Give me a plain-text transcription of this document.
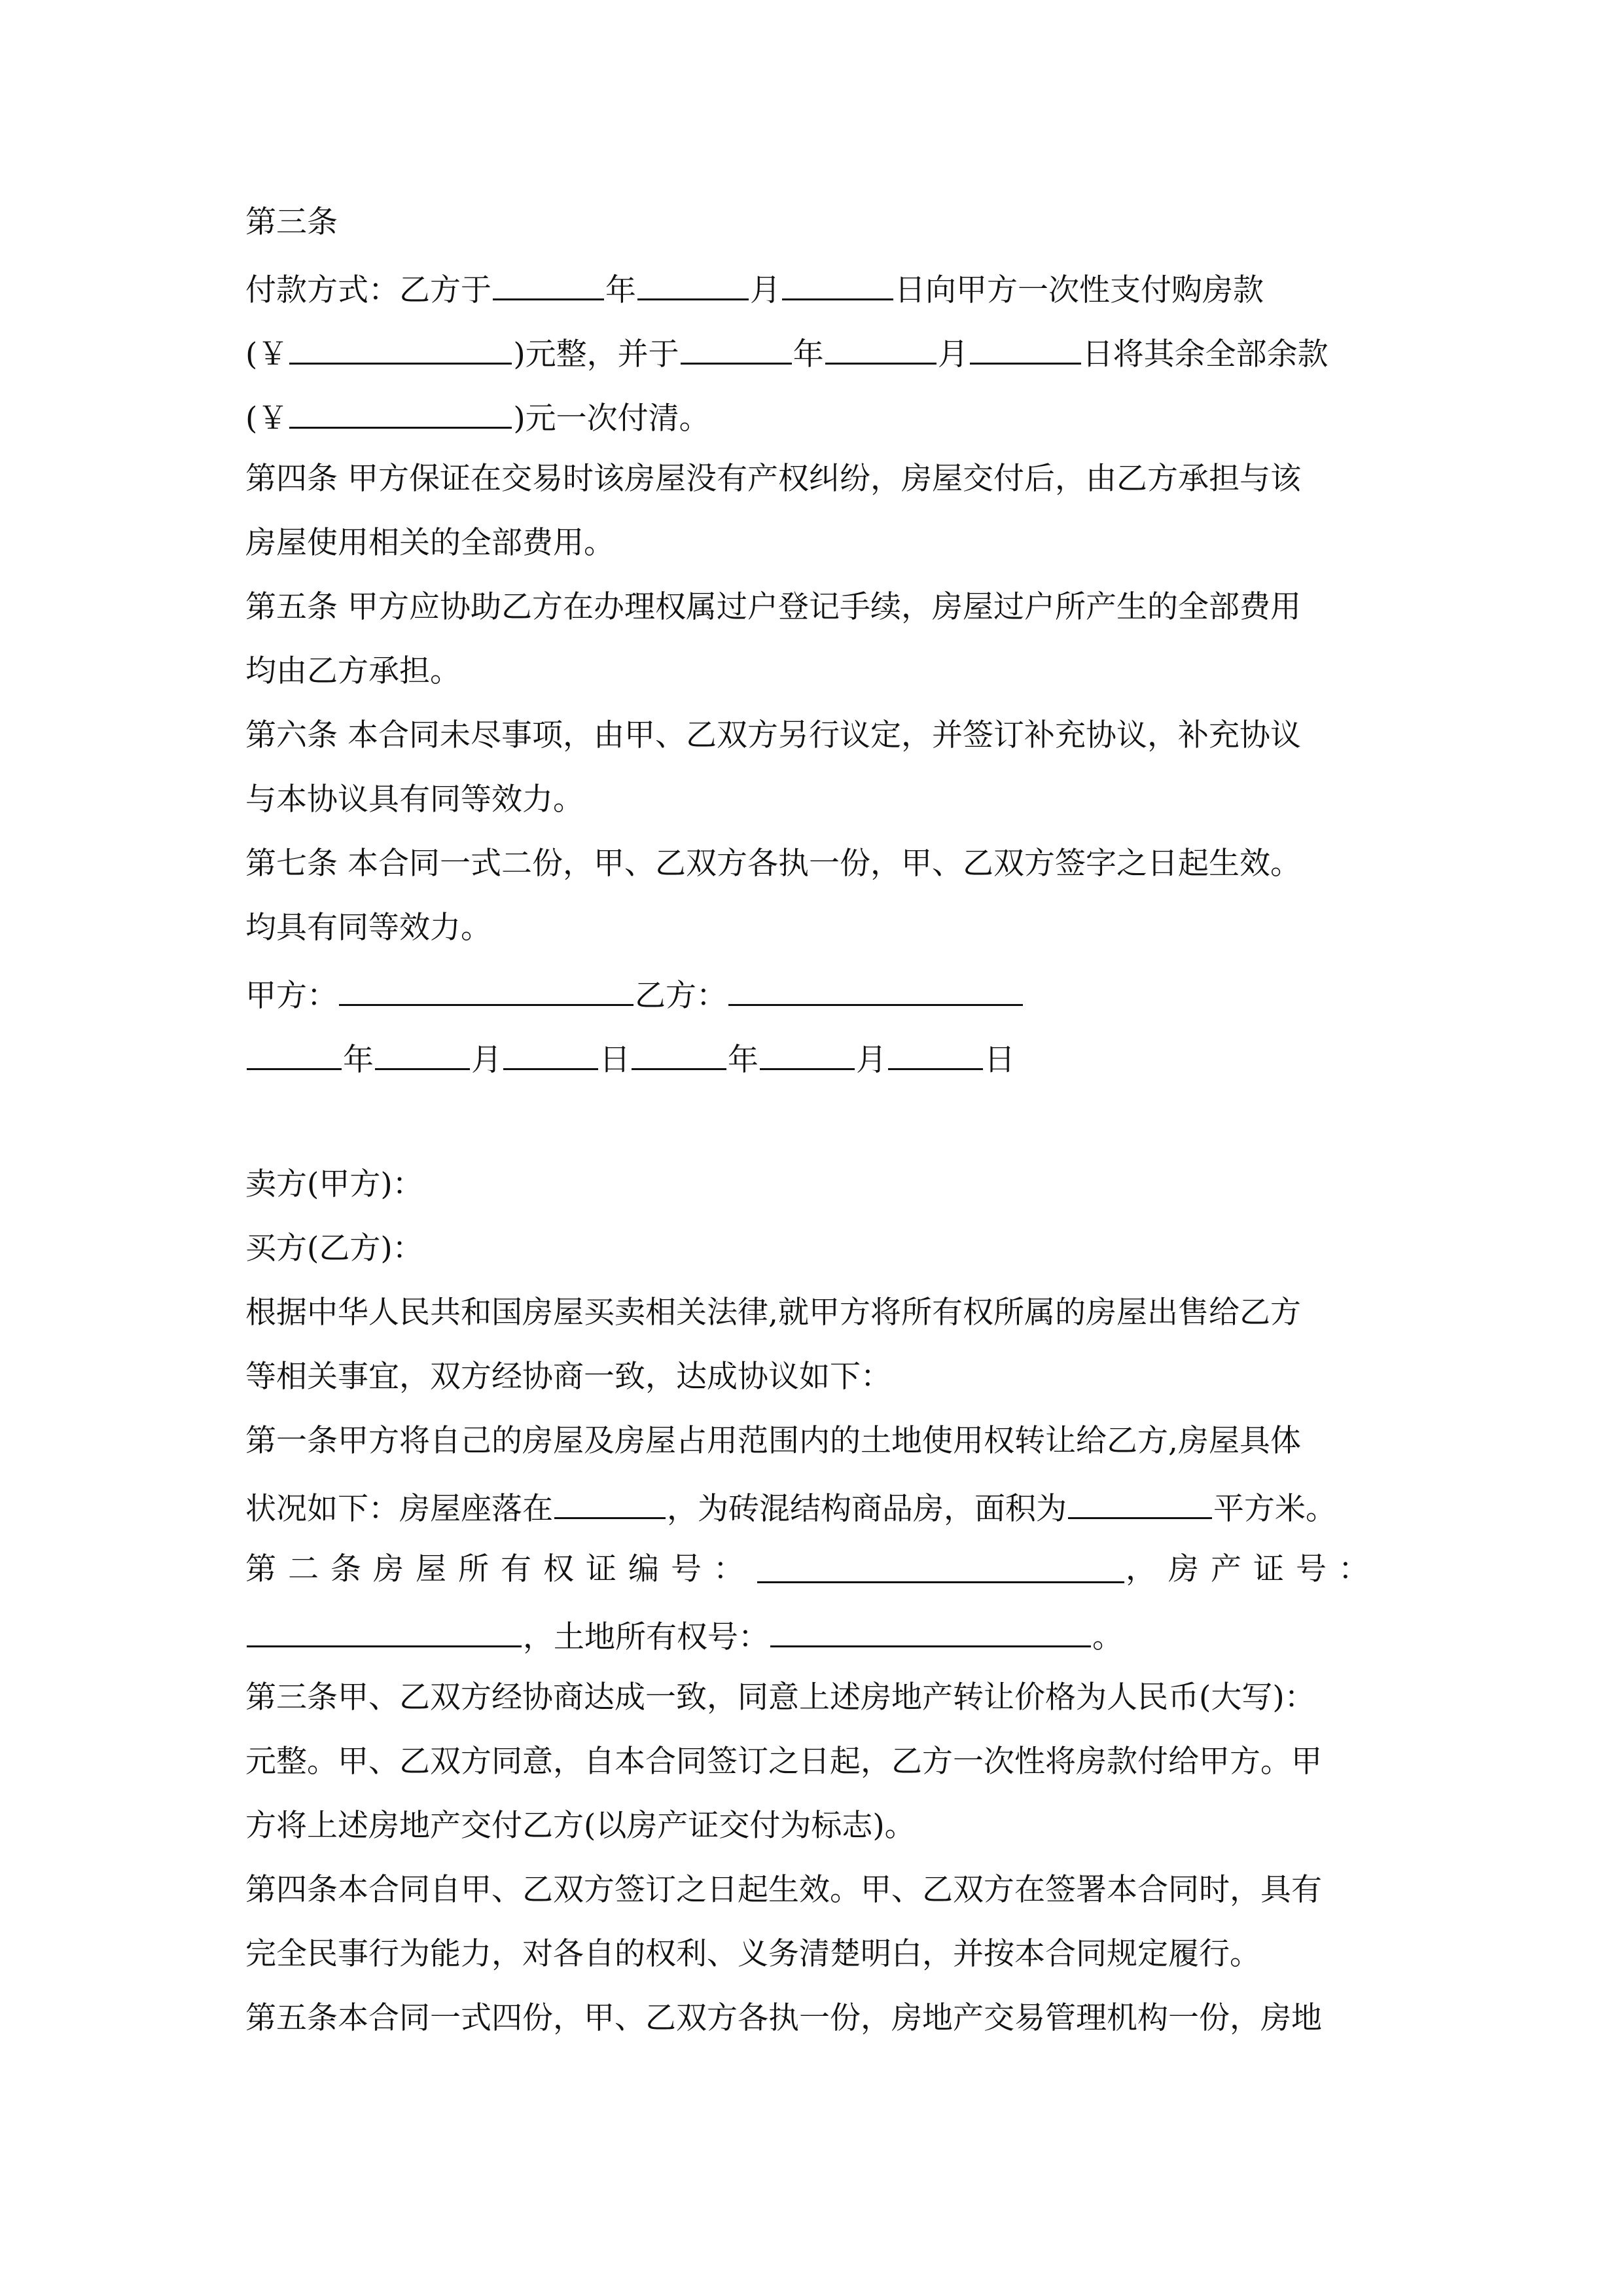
第三条
付款方式：乙方于	年	月	日向甲方一次性支付购房款
(￥	)元整，并于	年	月	日将其余全部余款
(￥	)元一次付清。
第四条 甲方保证在交易时该房屋没有产权纠纷，房屋交付后，由乙方承担与该
房屋使用相关的全部费用。
第五条 甲方应协助乙方在办理权属过户登记手续，房屋过户所产生的全部费用
均由乙方承担。
第六条 本合同未尽事项，由甲、乙双方另行议定，并签订补充协议，补充协议
与本协议具有同等效力。
第七条 本合同一式二份，甲、乙双方各执一份，甲、乙双方签字之日起生效。
均具有同等效力。
甲方：	乙方：
年	月	日	年	月	日
卖方(甲方)：
买方(乙方)：
根据中华人民共和国房屋买卖相关法律,就甲方将所有权所属的房屋出售给乙方
等相关事宜，双方经协商一致，达成协议如下：
第一条甲方将自己的房屋及房屋占用范围内的土地使用权转让给乙方,房屋具体
状况如下：房屋座落在	，为砖混结构商品房，面积为	平方米。
第二条房屋所有权证编号：	，房产证号：
，土地所有权号：	。
第三条甲、乙双方经协商达成一致，同意上述房地产转让价格为人民币(大写)：
元整。甲、乙双方同意，自本合同签订之日起，乙方一次性将房款付给甲方。甲
方将上述房地产交付乙方(以房产证交付为标志)。
第四条本合同自甲、乙双方签订之日起生效。甲、乙双方在签署本合同时，具有
完全民事行为能力，对各自的权利、义务清楚明白，并按本合同规定履行。
第五条本合同一式四份，甲、乙双方各执一份，房地产交易管理机构一份，房地
